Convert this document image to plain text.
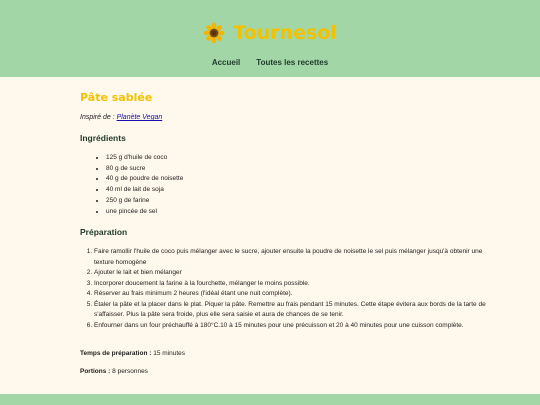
Tournesol
Accueil Toutes les recettes
Pâte sablée
Inspiré de : Planète Vegan
Ingrédients
• 125 g d'huile de coco
• 80 g de sucre
• 40 g de poudre de noisette
• 40 ml de lait de soja
• 250 g de farine
• une pincée de sel
Préparation
1. Faire ramollir l'huile de coco puis mélanger avec le sucre, ajouter ensuite la poudre de noisette le sel puis mélanger jusqu'à obtenir une texture homogène
2. Ajouter le lait et bien mélanger
3. Incorporer doucement la farine à la fourchette, mélanger le moins possible.
4. Réserver au frais minimum 2 heures (l'idéal étant une nuit complète).
5. Étaler la pâte et la placer dans le plat. Piquer la pâte. Remettre au frais pendant 15 minutes. Cette étape évitera aux bords de la tarte de s'affaisser. Plus la pâte sera froide, plus elle sera saisie et aura de chances de se tenir.
6. Enfourner dans un four préchauffé à 180°C.10 à 15 minutes pour une précuisson et 20 à 40 minutes pour une cuisson complète.
Temps de préparation : 15 minutes
Portions : 8 personnes
